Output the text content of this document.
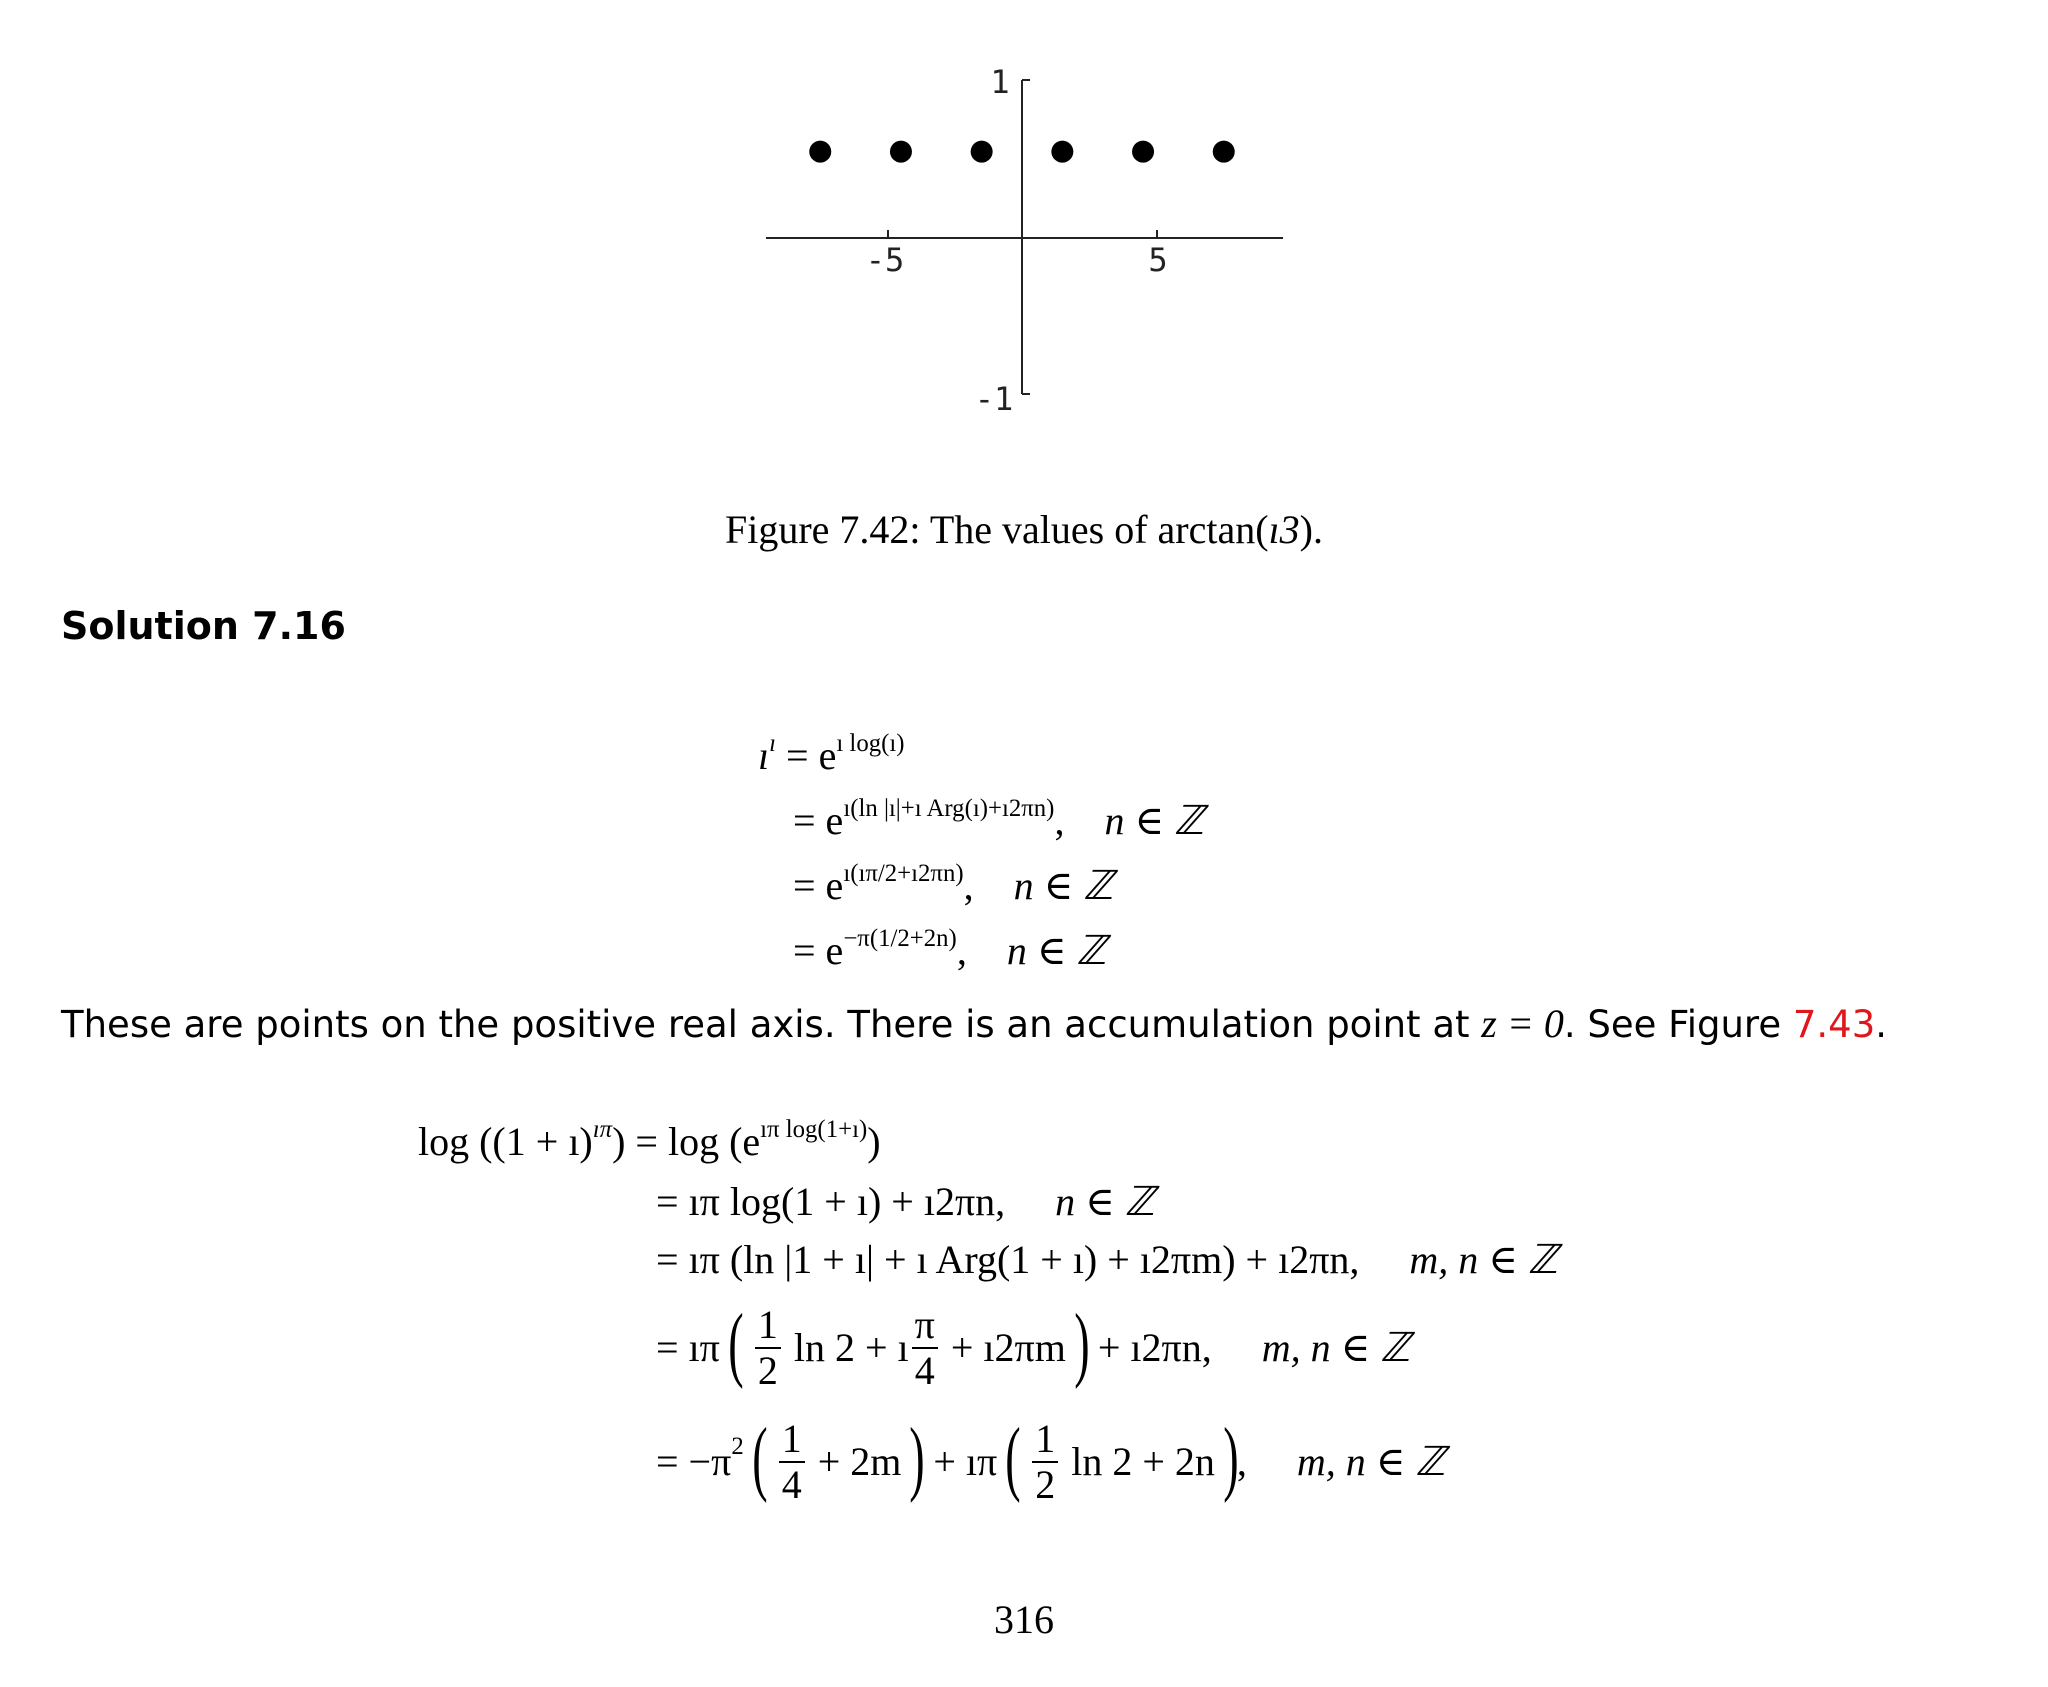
1
-1
-5	5
Figure 7.42: The values of arctan(ı3).
Solution 7.16
$ı^ı = e^{ı log(ı)}$
= $e^{ı(ln |ı|+ı Arg(ı)+ı2\pi n)}$, n ∈ ℤ
= $e^{ı(ı\pi/2+ı2\pi n)}$, n ∈ ℤ
= $e^{-\pi(1/2+2n)}$, n ∈ ℤ
These are points on the positive real axis. There is an accumulation point at z = 0. See Figure 7.43.
log ((1 + ı)$^{ı\pi}$) = $\log (e^{ı\pi log(1+ı)})$
= ıπ log(1 + ı) + ı2πn, n ∈ ℤ
= ıπ (ln |1 + ı| + ı Arg(1 + ı) + ı2πm) + ı2πn, m, n ∈ ℤ
= ıπ ( $\frac{1}{2}$ ln 2 + ı $\frac{\pi}{4}$ + ı2πm ) + ı2πn, m, n ∈ ℤ
= $-\pi^2$ ( $\frac{1}{4} + 2m$ ) + ıπ ( $\frac{1}{2}$ ln 2 + 2n ), m, n ∈ ℤ
316
